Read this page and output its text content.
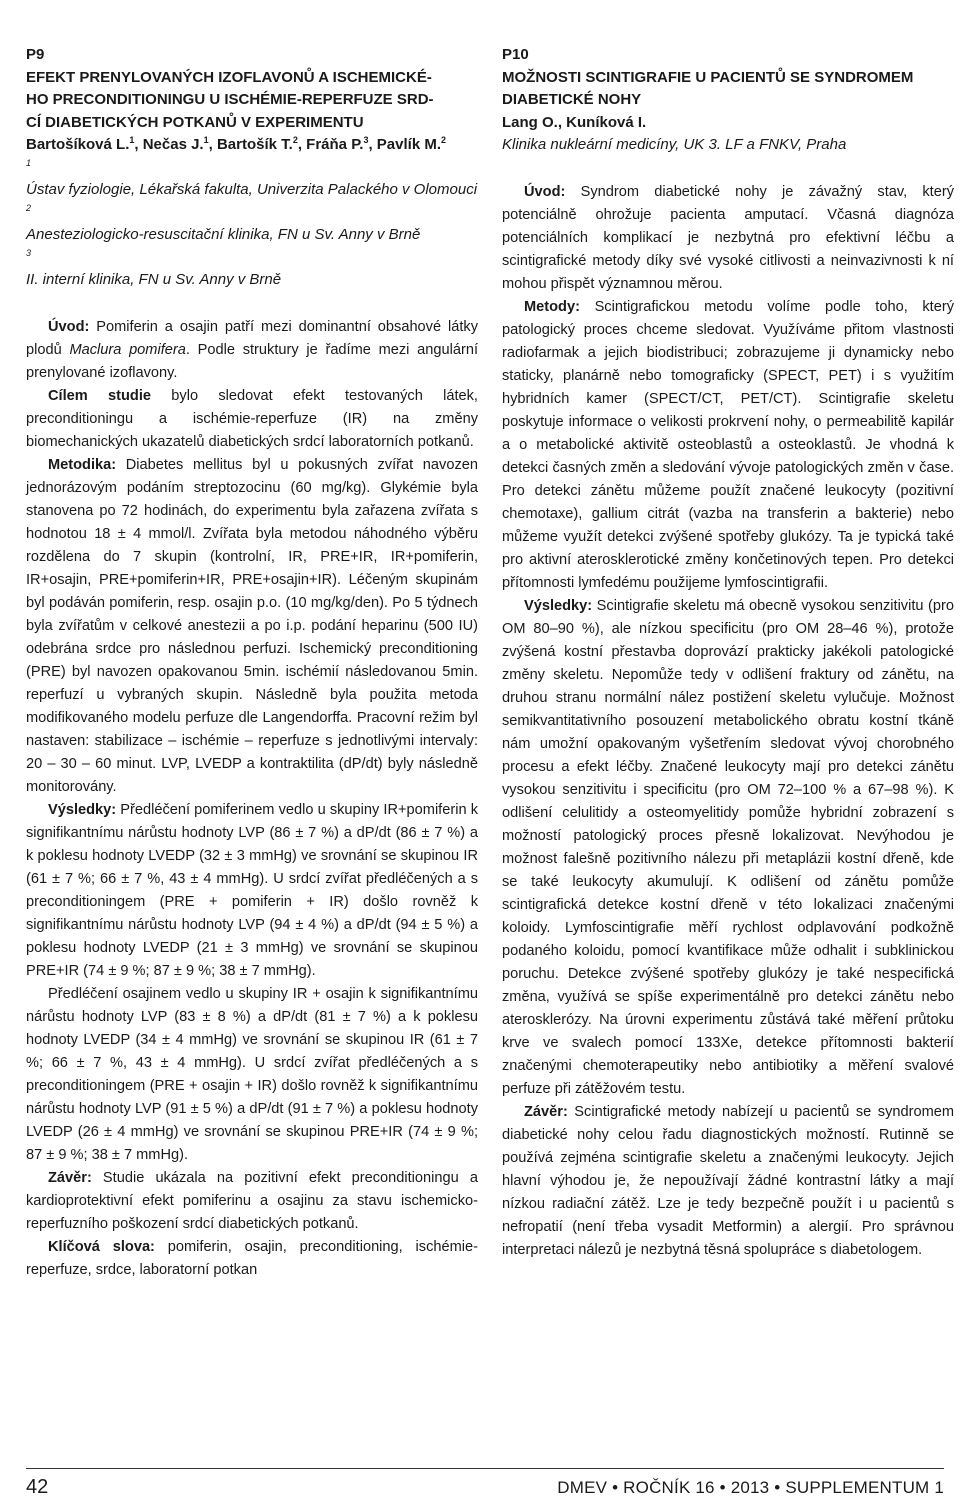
P9
EFEKT PRENYLOVANÝCH IZOFLAVONŮ A ISCHEMICKÉ-
HO PRECONDITIONINGU U ISCHÉMIE-REPERFUZE SRD-
CÍ DIABETICKÝCH POTKANŮ V EXPERIMENTU
Bartošíková L.$^1$, Nečas J.$^1$, Bartošík T.$^2$, Fráňa P.$^3$, Pavlík M.$^2$
$^1$
Ústav fyziologie, Lékařská fakulta, Univerzita Palackého v Olomouci
$^2$
Anesteziologicko-resuscitační klinika, FN u Sv. Anny v Brně
$^3$
II. interní klinika, FN u Sv. Anny v Brně

Úvod: Pomiferin a osajin patří mezi dominantní obsahové látky plodů Maclura pomifera. Podle struktury je řadíme mezi angulární prenylované izoflavony.

Cílem studie bylo sledovat efekt testovaných látek, preconditioningu a ischémie-reperfuze (IR) na změny biomechanických ukazatelů diabetických srdcí laboratorních potkanů.

Metodika: Diabetes mellitus byl u pokusných zvířat navozen jednorázovým podáním streptozocinu (60 mg/kg). Glykémie byla stanovena po 72 hodinách, do experimentu byla zařazena zvířata s hodnotou 18 ± 4 mmol/l. Zvířata byla metodou náhodného výběru rozdělena do 7 skupin (kontrolní, IR, PRE+IR, IR+pomiferin, IR+osajin, PRE+pomiferin+IR, PRE+osajin+IR). Léčeným skupinám byl podáván pomiferin, resp. osajin p.o. (10 mg/kg/den). Po 5 týdnech byla zvířatům v celkové anestezii a po i.p. podání heparinu (500 IU) odebrána srdce pro následnou perfuzi. Ischemický preconditioning (PRE) byl navozen opakovanou 5min. ischémií následovanou 5min. reperfuzí u vybraných skupin. Následně byla použita metoda modifikovaného modelu perfuze dle Langendorffa. Pracovní režim byl nastaven: stabilizace – ischémie – reperfuze s jednotlivými intervaly: 20 – 30 – 60 minut. LVP, LVEDP a kontraktilita (dP/dt) byly následně monitorovány.

Výsledky: Předléčení pomiferinem vedlo u skupiny IR+pomiferin k signifikantnímu nárůstu hodnoty LVP (86 ± 7 %) a dP/dt (86 ± 7 %) a k poklesu hodnoty LVEDP (32 ± 3 mmHg) ve srovnání se skupinou IR (61 ± 7 %; 66 ± 7 %, 43 ± 4 mmHg). U srdcí zvířat předléčených a s preconditioningem (PRE + pomiferin + IR) došlo rovněž k signifikantnímu nárůstu hodnoty LVP (94 ± 4 %) a dP/dt (94 ± 5 %) a poklesu hodnoty LVEDP (21 ± 3 mmHg) ve srovnání se skupinou PRE+IR (74 ± 9 %; 87 ± 9 %; 38 ± 7 mmHg).

Předléčení osajinem vedlo u skupiny IR + osajin k signifikantnímu nárůstu hodnoty LVP (83 ± 8 %) a dP/dt (81 ± 7 %) a k poklesu hodnoty LVEDP (34 ± 4 mmHg) ve srovnání se skupinou IR (61 ± 7 %; 66 ± 7 %, 43 ± 4 mmHg). U srdcí zvířat předléčených a s preconditioningem (PRE + osajin + IR) došlo rovněž k signifikantnímu nárůstu hodnoty LVP (91 ± 5 %) a dP/dt (91 ± 7 %) a poklesu hodnoty LVEDP (26 ± 4 mmHg) ve srovnání se skupinou PRE+IR (74 ± 9 %; 87 ± 9 %; 38 ± 7 mmHg).

Závěr: Studie ukázala na pozitivní efekt preconditioningu a kardioprotektivní efekt pomiferinu a osajinu za stavu ischemicko-reperfuzního poškození srdcí diabetických potkanů.

Klíčová slova: pomiferin, osajin, preconditioning, ischémie-reperfuze, srdce, laboratorní potkan

P10
MOŽNOSTI SCINTIGRAFIE U PACIENTŮ SE SYNDROMEM
DIABETICKÉ NOHY
Lang O., Kuníková I.
Klinika nukleární medicíny, UK 3. LF a FNKV, Praha

Úvod: Syndrom diabetické nohy je závažný stav, který potenciálně ohrožuje pacienta amputací. Včasná diagnóza potenciálních komplikací je nezbytná pro efektivní léčbu a scintigrafické metody díky své vysoké citlivosti a neinvazivnosti k ní mohou přispět významnou měrou.

Metody: Scintigrafickou metodu volíme podle toho, který patologický proces chceme sledovat. Využíváme přitom vlastnosti radiofarmak a jejich biodistribuci; zobrazujeme ji dynamicky nebo staticky, planárně nebo tomograficky (SPECT, PET) i s využitím hybridních kamer (SPECT/CT, PET/CT). Scintigrafie skeletu poskytuje informace o velikosti prokrvení nohy, o permeabilitě kapilár a o metabolické aktivitě osteoblastů a osteoklastů. Je vhodná k detekci časných změn a sledování vývoje patologických změn v čase. Pro detekci zánětu můžeme použít značené leukocyty (pozitivní chemotaxe), gallium citrát (vazba na transferin a bakterie) nebo můžeme využít detekci zvýšené spotřeby glukózy. Ta je typická také pro aktivní aterosklerotické změny končetinových tepen. Pro detekci přítomnosti lymfedému použijeme lymfoscintigrafii.

Výsledky: Scintigrafie skeletu má obecně vysokou senzitivitu (pro OM 80–90 %), ale nízkou specificitu (pro OM 28–46 %), protože zvýšená kostní přestavba doprovází prakticky jakékoli patologické změny skeletu. Nepomůže tedy v odlišení fraktury od zánětu, na druhou stranu normální nález postižení skeletu vylučuje. Možnost semikvantitativního posouzení metabolického obratu kostní tkáně nám umožní opakovaným vyšetřením sledovat vývoj chorobného procesu a efekt léčby. Značené leukocyty mají pro detekci zánětu vysokou senzitivitu i specificitu (pro OM 72–100 % a 67–98 %). K odlišení celulitidy a osteomyelitidy pomůže hybridní zobrazení s možností patologický proces přesně lokalizovat. Nevýhodou je možnost falešně pozitivního nálezu při metaplázii kostní dřeně, kde se také leukocyty akumulují. K odlišení od zánětu pomůže scintigrafická detekce kostní dřeně v této lokalizaci značenými koloidy. Lymfoscintigrafie měří rychlost odplavování podkožně podaného koloidu, pomocí kvantifikace může odhalit i subklinickou poruchu. Detekce zvýšené spotřeby glukózy je také nespecifická změna, využívá se spíše experimentálně pro detekci zánětu nebo aterosklerózy. Na úrovni experimentu zůstává také měření průtoku krve ve svalech pomocí 133Xe, detekce přítomnosti bakterií značenými chemoterapeutiky nebo antibiotiky a měření svalové perfuze při zátěžovém testu.

Závěr: Scintigrafické metody nabízejí u pacientů se syndromem diabetické nohy celou řadu diagnostických možností. Rutinně se používá zejména scintigrafie skeletu a značenými leukocyty. Jejich hlavní výhodou je, že nepoužívají žádné kontrastní látky a mají nízkou radiační zátěž. Lze je tedy bezpečně použít i u pacientů s nefropatií (není třeba vysadit Metformin) a alergií. Pro správnou interpretaci nálezů je nezbytná těsná spolupráce s diabetologem.

42	DMEV • ROČNÍK 16 • 2013 • SUPPLEMENTUM 1
